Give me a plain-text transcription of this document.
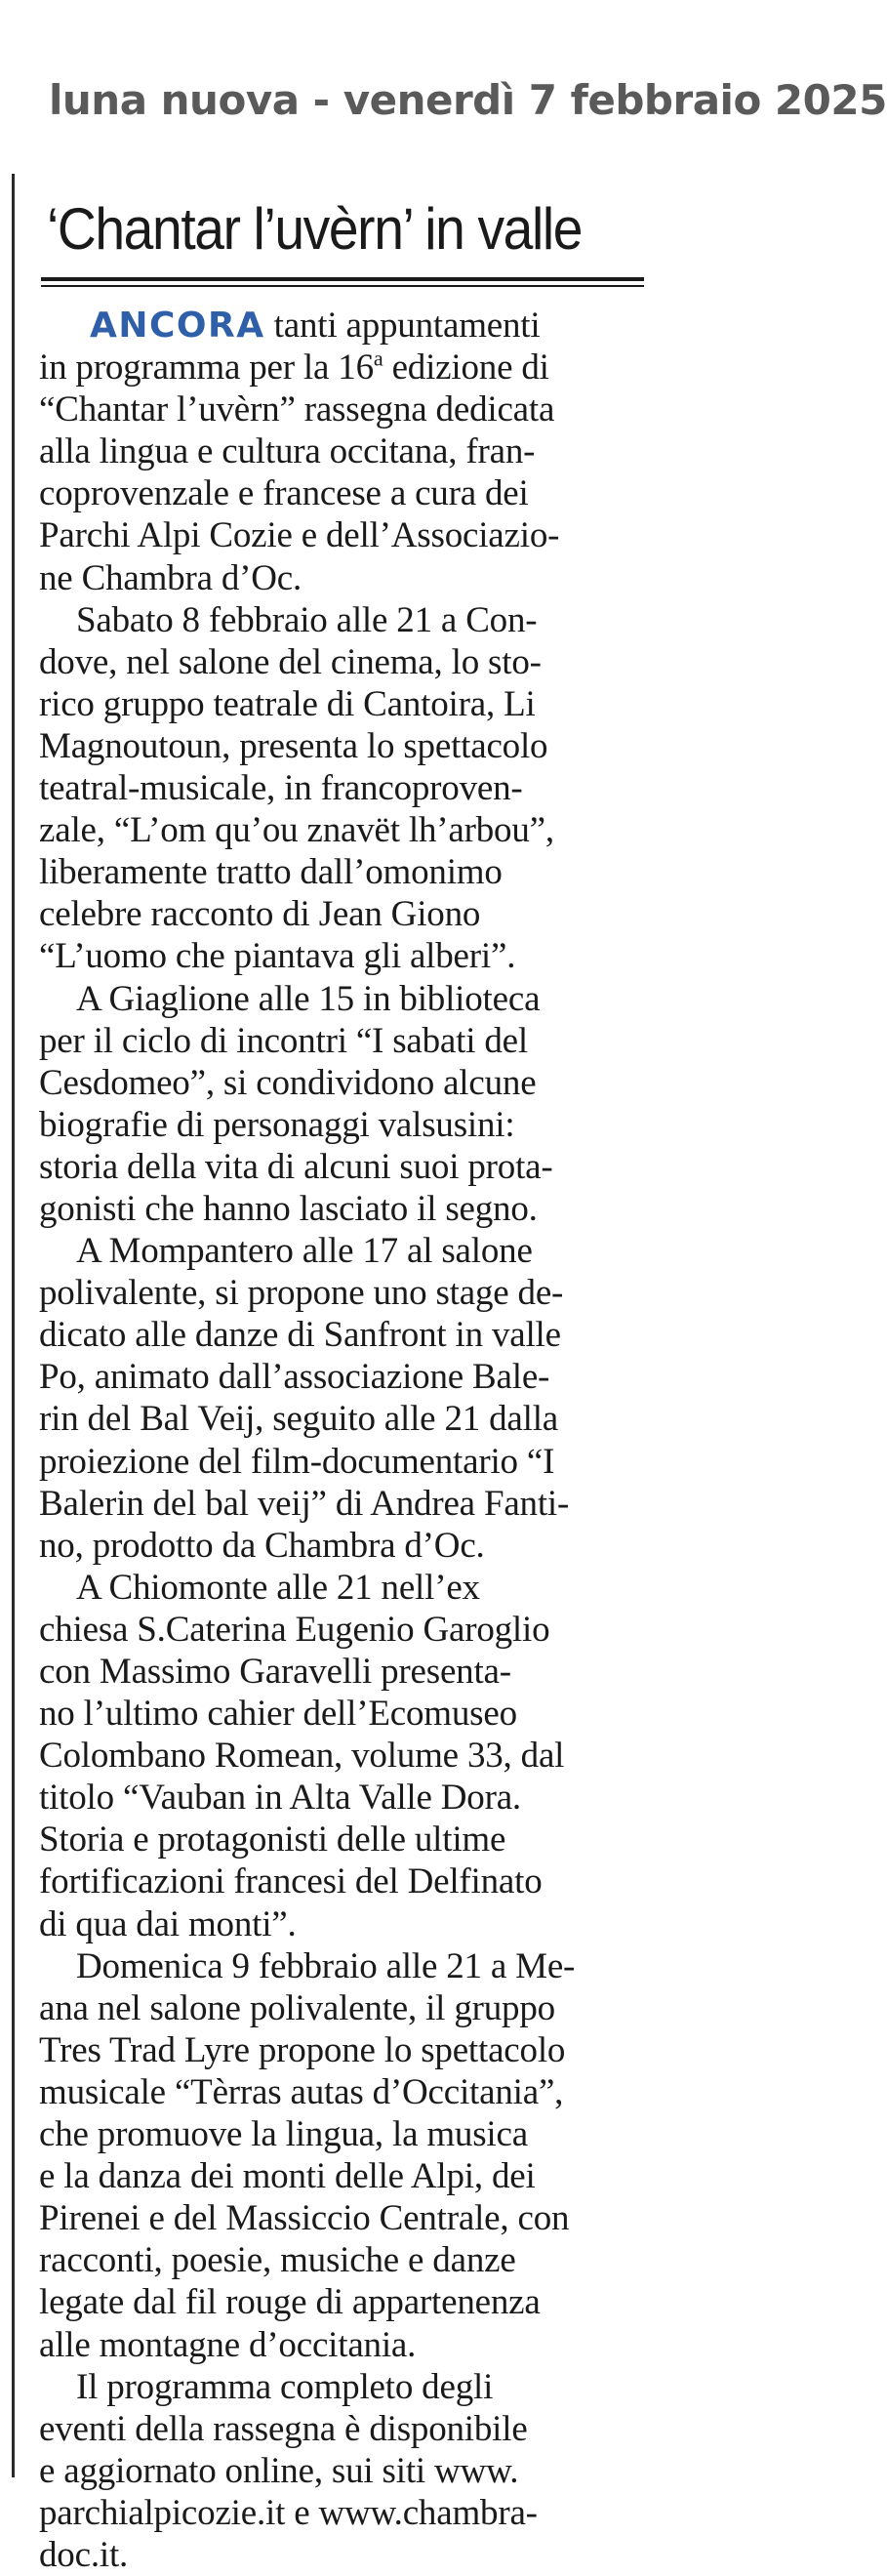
luna nuova - venerdì 7 febbraio 2025
‘Chantar l’uvèrn’ in valle
ANCORA tanti appuntamenti
in programma per la 16$^a$ edizione di
“Chantar l’uvèrn” rassegna dedicata
alla lingua e cultura occitana, fran-
coprovenzale e francese a cura dei
Parchi Alpi Cozie e dell’Associazio-
ne Chambra d’Oc.
Sabato 8 febbraio alle 21 a Con-
dove, nel salone del cinema, lo sto-
rico gruppo teatrale di Cantoira, Li
Magnoutoun, presenta lo spettacolo
teatral-musicale, in francoproven-
zale, “L’om qu’ou znavët lh’arbou”,
liberamente tratto dall’omonimo
celebre racconto di Jean Giono
“L’uomo che piantava gli alberi”.
A Giaglione alle 15 in biblioteca
per il ciclo di incontri “I sabati del
Cesdomeo”, si condividono alcune
biografie di personaggi valsusini:
storia della vita di alcuni suoi prota-
gonisti che hanno lasciato il segno.
A Mompantero alle 17 al salone
polivalente, si propone uno stage de-
dicato alle danze di Sanfront in valle
Po, animato dall’associazione Bale-
rin del Bal Veij, seguito alle 21 dalla
proiezione del film-documentario “I
Balerin del bal veij” di Andrea Fanti-
no, prodotto da Chambra d’Oc.
A Chiomonte alle 21 nell’ex
chiesa S.Caterina Eugenio Garoglio
con Massimo Garavelli presenta-
no l’ultimo cahier dell’Ecomuseo
Colombano Romean, volume 33, dal
titolo “Vauban in Alta Valle Dora.
Storia e protagonisti delle ultime
fortificazioni francesi del Delfinato
di qua dai monti”.
Domenica 9 febbraio alle 21 a Me-
ana nel salone polivalente, il gruppo
Tres Trad Lyre propone lo spettacolo
musicale “Tèrras autas d’Occitania”,
che promuove la lingua, la musica
e la danza dei monti delle Alpi, dei
Pirenei e del Massiccio Centrale, con
racconti, poesie, musiche e danze
legate dal fil rouge di appartenenza
alle montagne d’occitania.
Il programma completo degli
eventi della rassegna è disponibile
e aggiornato online, sui siti www.
parchialpicozie.it e www.chambra-
doc.it.
